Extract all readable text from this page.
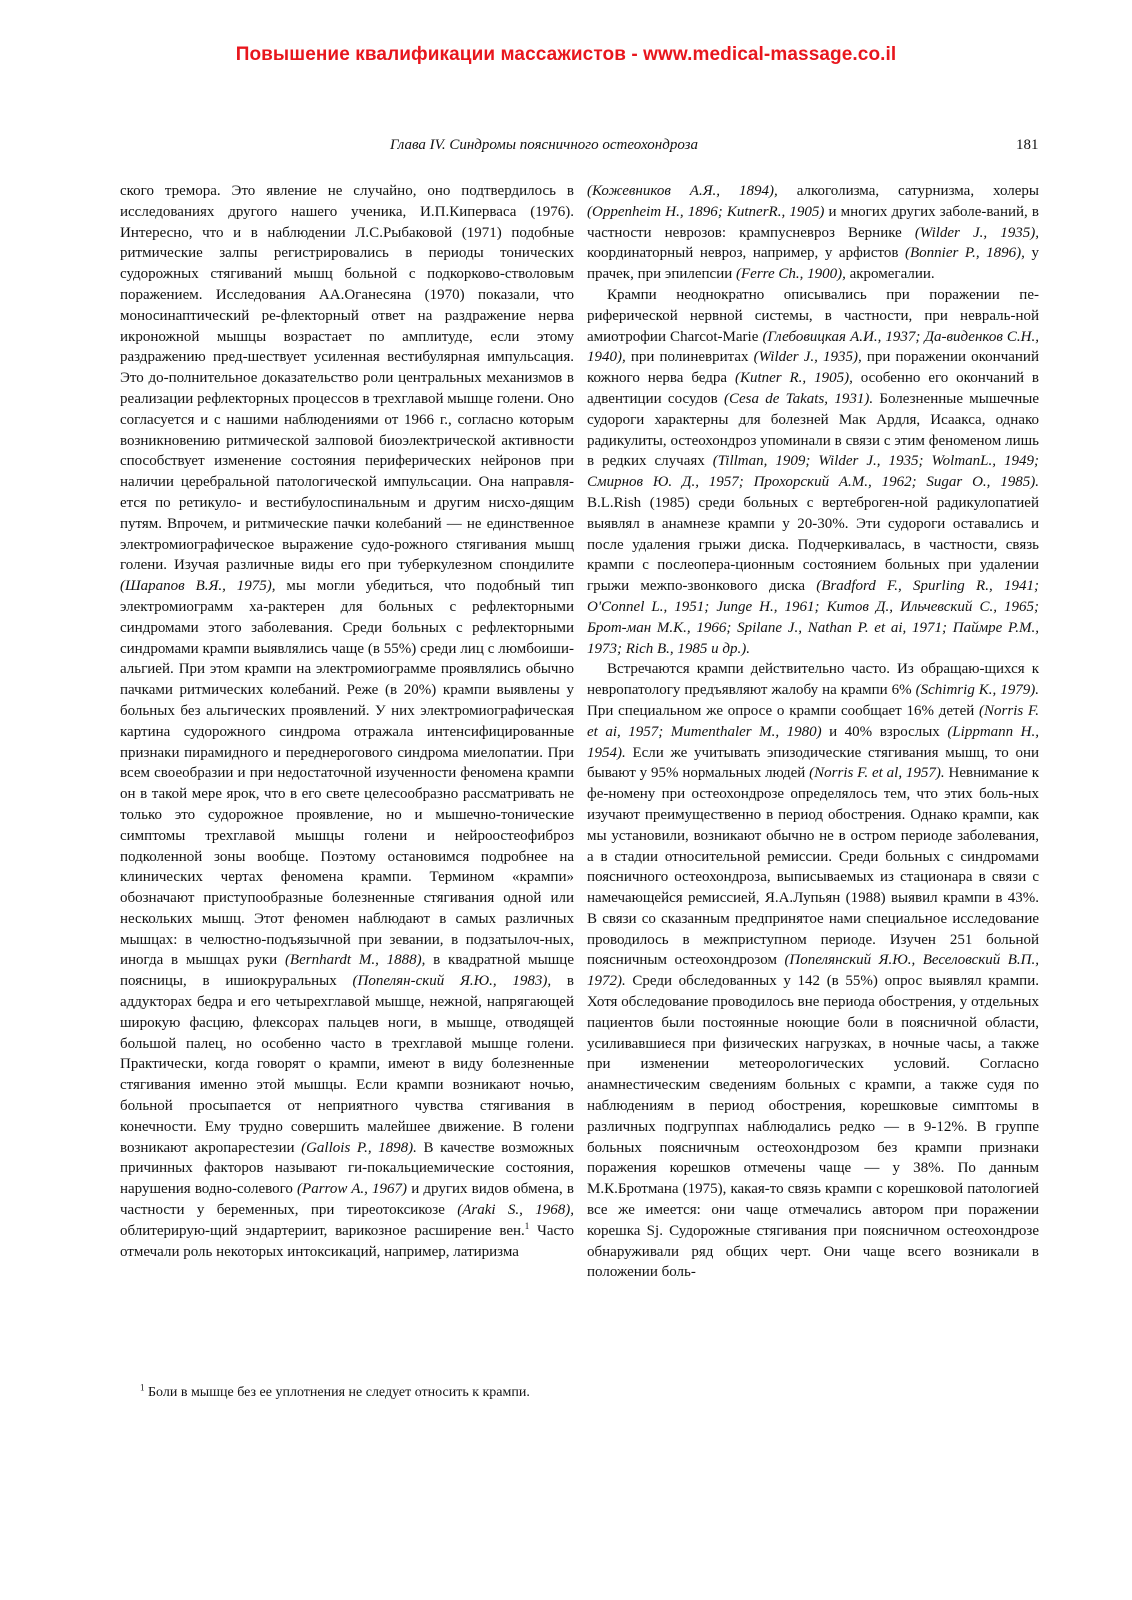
Повышение квалификации массажистов - www.medical-massage.co.il
Глава IV. Синдромы поясничного остеохондроза	181

ского тремора. Это явление не случайно, оно подтвердилось в исследованиях другого нашего ученика, И.П.Киперваса (1976). Интересно, что и в наблюдении Л.С.Рыбаковой (1971) подобные ритмические залпы регистрировались в периоды тонических судорожных стягиваний мышц больной с подкорково-стволовым поражением. Исследования АА.Оганесяна (1970) показали, что моносинаптический ре-флекторный ответ на раздражение нерва икроножной мышцы возрастает по амплитуде, если этому раздражению пред-шествует усиленная вестибулярная импульсация. Это до-полнительное доказательство роли центральных механизмов в реализации рефлекторных процессов в трехглавой мышце голени. Оно согласуется и с нашими наблюдениями от 1966 г., согласно которым возникновению ритмической залповой биоэлектрической активности способствует изменение состояния периферических нейронов при наличии церебральной патологической импульсации. Она направля-ется по ретикуло- и вестибулоспинальным и другим нисхо-дящим путям. Впрочем, и ритмические пачки колебаний — не единственное электромиографическое выражение судо-рожного стягивания мышц голени. Изучая различные виды его при туберкулезном спондилите (Шарапов В.Я., 1975), мы могли убедиться, что подобный тип электромиограмм ха-рактерен для больных с рефлекторными синдромами этого заболевания. Среди больных с рефлекторными синдромами крампи выявлялись чаще (в 55%) среди лиц с люмбоиши-альгией. При этом крампи на электромиограмме проявлялись обычно пачками ритмических колебаний. Реже (в 20%) крампи выявлены у больных без альгических проявлений. У них электромиографическая картина судорожного синдрома отражала интенсифицированные признаки пирамидного и переднерогового синдрома миелопатии. При всем своеобразии и при недостаточной изученности феномена крампи он в такой мере ярок, что в его свете целесообразно рассматривать не только это судорожное проявление, но и мышечно-тонические симптомы трехглавой мышцы голени и нейроостеофиброз подколенной зоны вообще. Поэтому остановимся подробнее на клинических чертах феномена крампи. Термином «крампи» обозначают приступообразные болезненные стягивания одной или нескольких мышц. Этот феномен наблюдают в самых различных мышцах: в челюстно-подъязычной при зевании, в подзатылоч-ных, иногда в мышцах руки (Bernhardt M., 1888), в квадратной мышце поясницы, в ишиокруральных (Попелян-ский Я.Ю., 1983), в аддукторах бедра и его четырехглавой мышце, нежной, напрягающей широкую фасцию, флексорах пальцев ноги, в мышце, отводящей большой палец, но особенно часто в трехглавой мышце голени. Практически, когда говорят о крампи, имеют в виду болезненные стягивания именно этой мышцы. Если крампи возникают ночью, больной просыпается от неприятного чувства стягивания в конечности. Ему трудно совершить малейшее движение. В голени возникают акропарестезии (Gallois P., 1898). В качестве возможных причинных факторов называют ги-покальциемические состояния, нарушения водно-солевого (Parrow A., 1967) и других видов обмена, в частности у беременных, при тиреотоксикозе (Araki S., 1968), облитерирую-щий эндартериит, варикозное расширение вен.$^1$ Часто отмечали роль некоторых интоксикаций, например, латиризма

(Кожевников А.Я., 1894), алкоголизма, сатурнизма, холеры (Oppenheim H., 1896; KutnerR., 1905) и многих других заболе-ваний, в частности неврозов: крампусневроз Вернике (Wilder J., 1935), координаторный невроз, например, у арфистов (Bonnier P., 1896), у прачек, при эпилепсии (Ferre Ch., 1900), акромегалии.

Крампи неоднократно описывались при поражении пе-риферической нервной системы, в частности, при невраль-ной амиотрофии Charcot-Marie (Глебовицкая А.И., 1937; Да-виденков С.Н., 1940), при полиневритах (Wilder J., 1935), при поражении окончаний кожного нерва бедра (Kutner R., 1905), особенно его окончаний в адвентиции сосудов (Cesa de Takats, 1931). Болезненные мышечные судороги характерны для болезней Мак Ардля, Исаакса, однако радикулиты, остеохондроз упоминали в связи с этим феноменом лишь в редких случаях (Tillman, 1909; Wilder J., 1935; WolmanL., 1949; Смирнов Ю. Д., 1957; Прохорский А.М., 1962; Sugar O., 1985). B.L.Rish (1985) среди больных с вертеброген-ной радикулопатией выявлял в анамнезе крампи у 20-30%. Эти судороги оставались и после удаления грыжи диска. Подчеркивалась, в частности, связь крампи с послеопера-ционным состоянием больных при удалении грыжи межпо-звонкового диска (Bradford F., Spurling R., 1941; O'Connel L., 1951; Junge H., 1961; Китов Д., Ильчевский С., 1965; Брот-ман М.К., 1966; Spilane J., Nathan P. et ai, 1971; Паймре P.M., 1973; Rich B., 1985 и др.).

Встречаются крампи действительно часто. Из обращаю-щихся к невропатологу предъявляют жалобу на крампи 6% (Schimrig K., 1979). При специальном же опросе о крампи сообщает 16% детей (Norris F. et ai, 1957; Mumenthaler M., 1980) и 40% взрослых (Lippmann H., 1954). Если же учитывать эпизодические стягивания мышц, то они бывают у 95% нормальных людей (Norris F. et al, 1957). Невнимание к фе-номену при остеохондрозе определялось тем, что этих боль-ных изучают преимущественно в период обострения. Однако крампи, как мы установили, возникают обычно не в остром периоде заболевания, а в стадии относительной ремиссии. Среди больных с синдромами поясничного остеохондроза, выписываемых из стационара в связи с намечающейся ремиссией, Я.А.Лупьян (1988) выявил крампи в 43%. В связи со сказанным предпринятое нами специальное исследование проводилось в межприступном периоде. Изучен 251 больной поясничным остеохондрозом (Попелянский Я.Ю., Веселовский В.П., 1972). Среди обследованных у 142 (в 55%) опрос выявлял крампи. Хотя обследование проводилось вне периода обострения, у отдельных пациентов были постоянные ноющие боли в поясничной области, усиливавшиеся при физических нагрузках, в ночные часы, а также при изменении метеорологических условий. Согласно анамнестическим сведениям больных с крампи, а также судя по наблюдениям в период обострения, корешковые симптомы в различных подгруппах наблюдались редко — в 9-12%. В группе больных поясничным остеохондрозом без крампи признаки поражения корешков отмечены чаще — у 38%. По данным М.К.Бротмана (1975), какая-то связь крампи с корешковой патологией все же имеется: они чаще отмечались автором при поражении корешка Sj. Судорожные стягивания при поясничном остеохондрозе обнаруживали ряд общих черт. Они чаще всего возникали в положении боль-

$^1$ Боли в мышце без ее уплотнения не следует относить к крампи.
